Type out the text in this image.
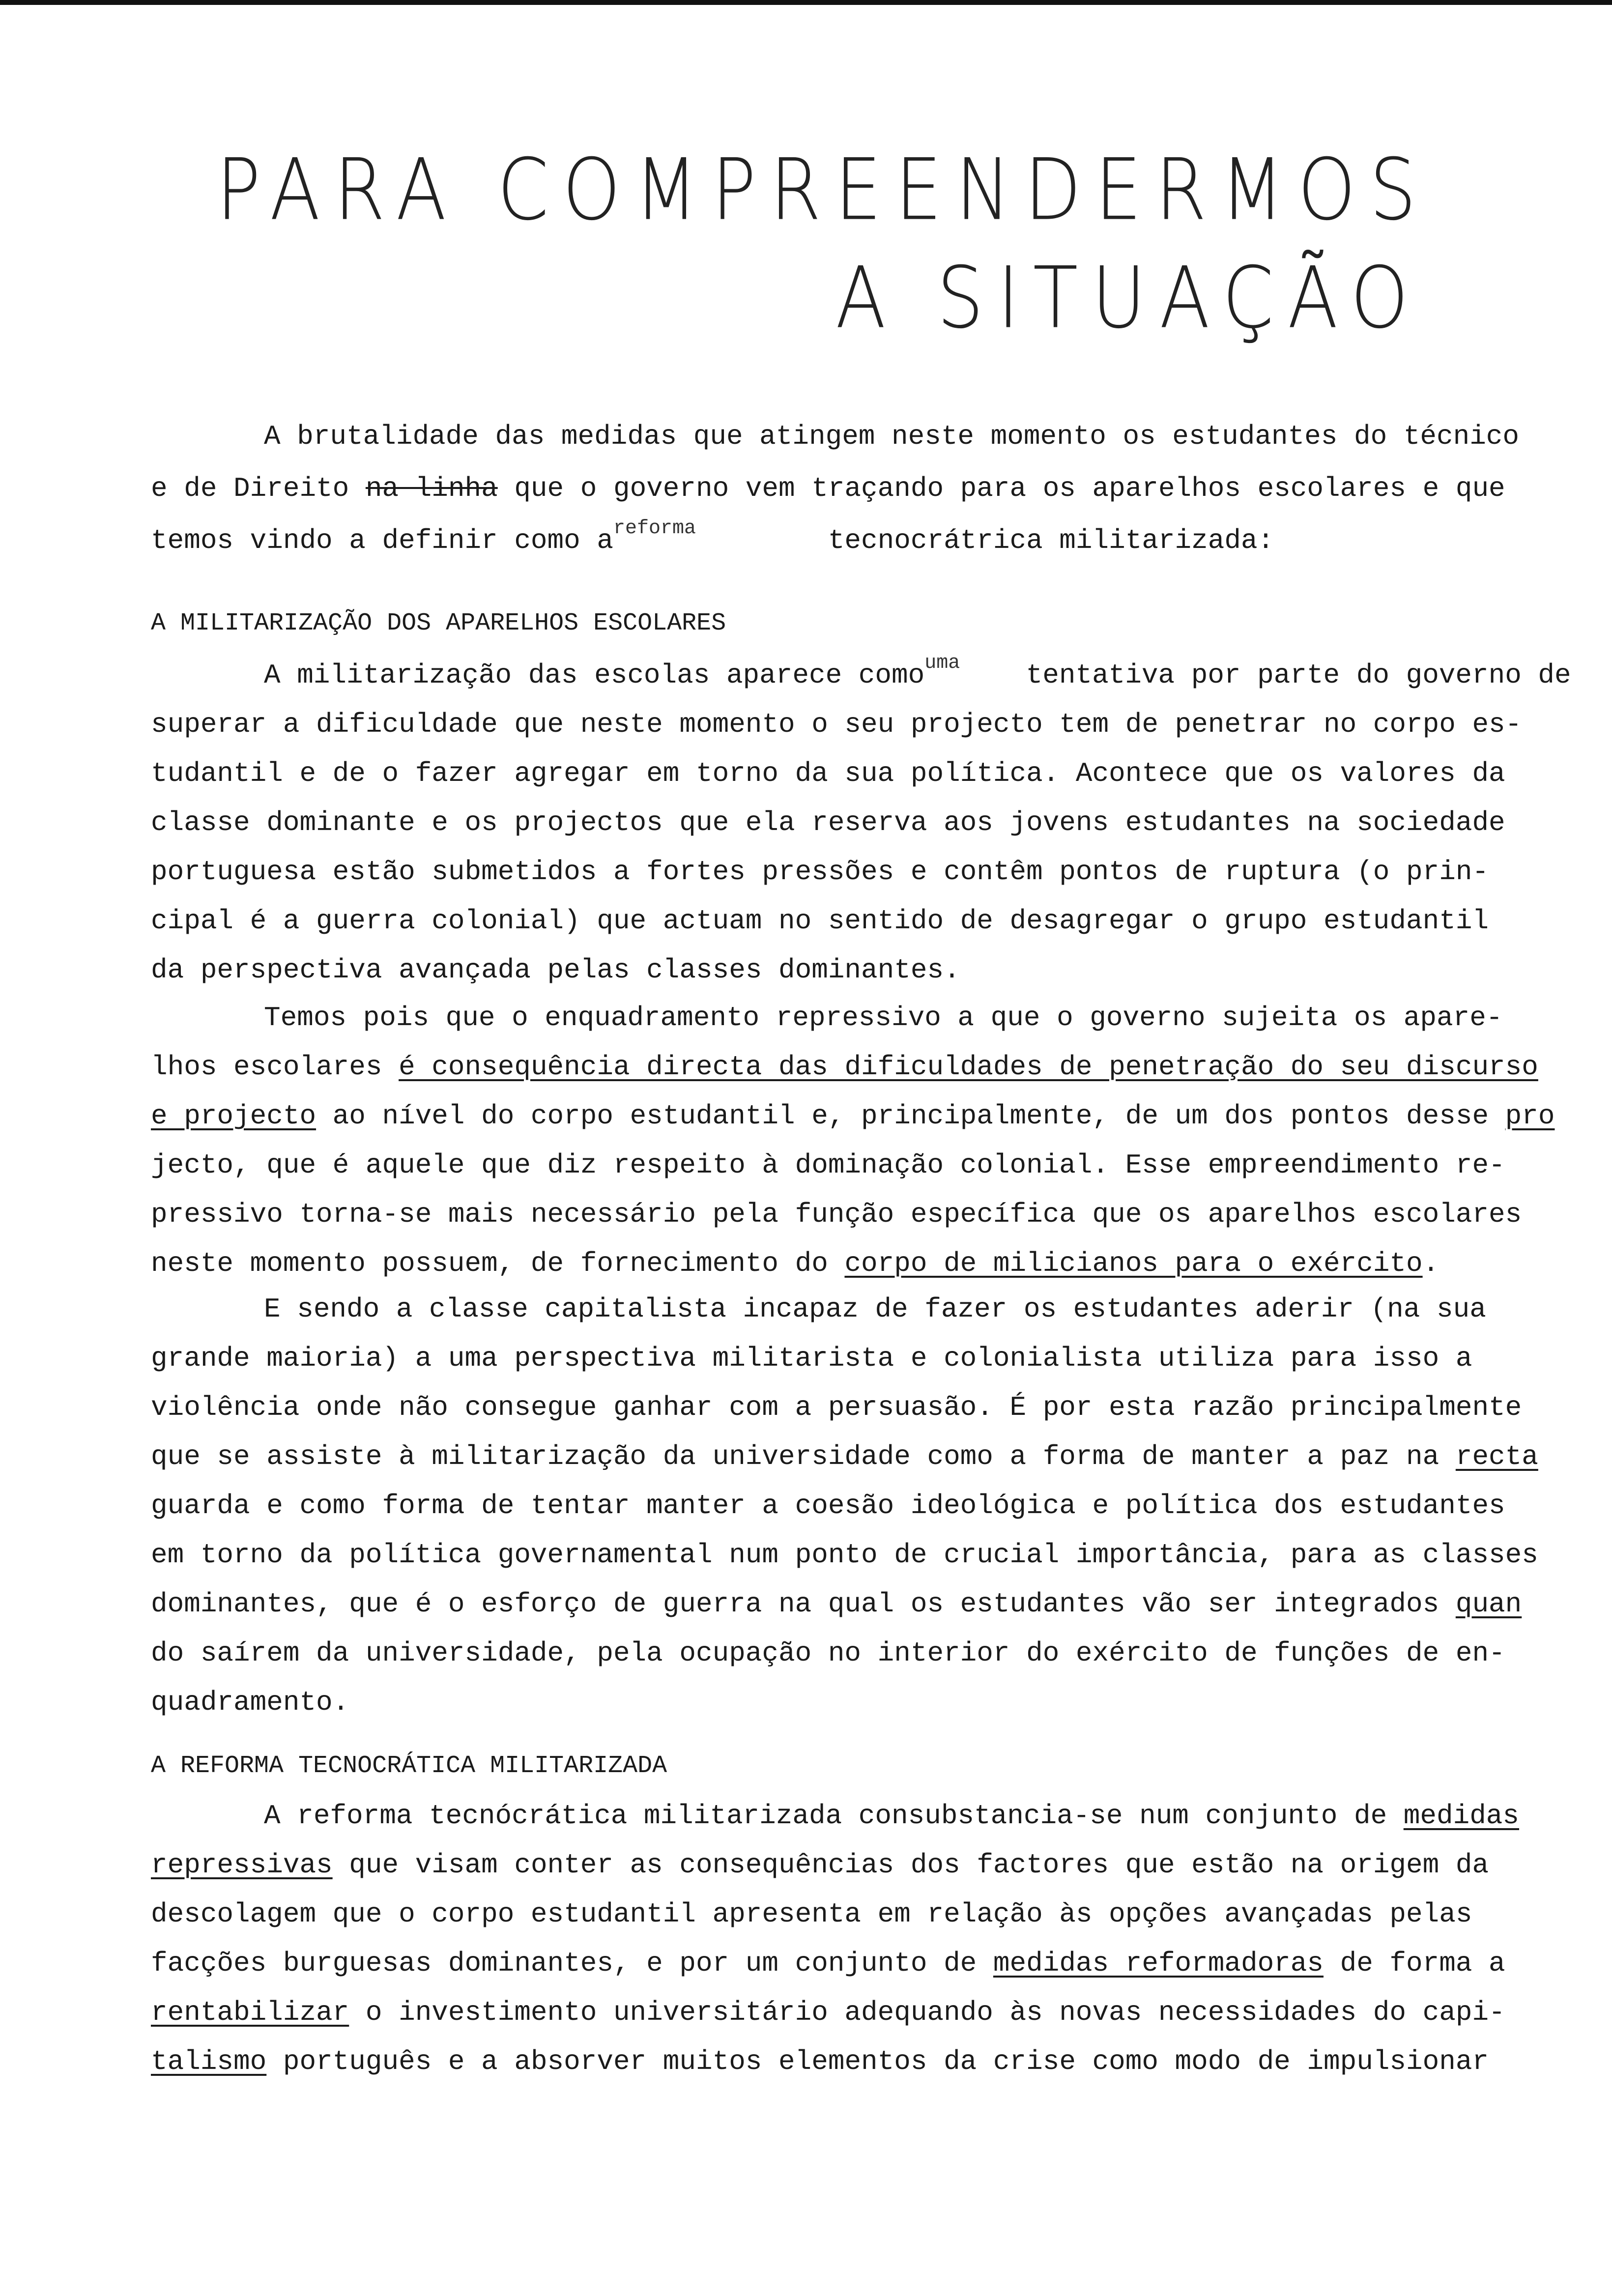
PARA COMPREENDERMOS
A SITUAÇÃO
A brutalidade das medidas que atingem neste momento os estudantes do técnico
e de Direito na linha que o governo vem traçando para os aparelhos escolares e que
temos vindo a definir como $a^{reforma}$        tecnocrátrica militarizada:
A MILITARIZAÇÃO DOS APARELHOS ESCOLARES
A militarização das escolas aparece como$^{uma}$    tentativa por parte do governo de
superar a dificuldade que neste momento o seu projecto tem de penetrar no corpo es-
tudantil e de o fazer agregar em torno da sua política. Acontece que os valores da
classe dominante e os projectos que ela reserva aos jovens estudantes na sociedade
portuguesa estão submetidos a fortes pressões e contêm pontos de ruptura (o prin-
cipal é a guerra colonial) que actuam no sentido de desagregar o grupo estudantil
da perspectiva avançada pelas classes dominantes.
Temos pois que o enquadramento repressivo a que o governo sujeita os apare-
lhos escolares é consequência directa das dificuldades de penetração do seu discurso
e projecto ao nível do corpo estudantil e, principalmente, de um dos pontos desse pro
jecto, que é aquele que diz respeito à dominação colonial. Esse empreendimento re-
pressivo torna-se mais necessário pela função específica que os aparelhos escolares
neste momento possuem, de fornecimento do corpo de milicianos para o exército.
E sendo a classe capitalista incapaz de fazer os estudantes aderir (na sua
grande maioria) a uma perspectiva militarista e colonialista utiliza para isso a
violência onde não consegue ganhar com a persuasão. É por esta razão principalmente
que se assiste à militarização da universidade como a forma de manter a paz na recta
guarda e como forma de tentar manter a coesão ideológica e política dos estudantes
em torno da política governamental num ponto de crucial importância, para as classes
dominantes, que é o esforço de guerra na qual os estudantes vão ser integrados quan
do saírem da universidade, pela ocupação no interior do exército de funções de en-
quadramento.
A REFORMA TECNOCRÁTICA MILITARIZADA
A reforma tecnócrática militarizada consubstancia-se num conjunto de medidas
repressivas que visam conter as consequências dos factores que estão na origem da
descolagem que o corpo estudantil apresenta em relação às opções avançadas pelas
facções burguesas dominantes, e por um conjunto de medidas reformadoras de forma a
rentabilizar o investimento universitário adequando às novas necessidades do capi-
talismo português e a absorver muitos elementos da crise como modo de impulsionar
